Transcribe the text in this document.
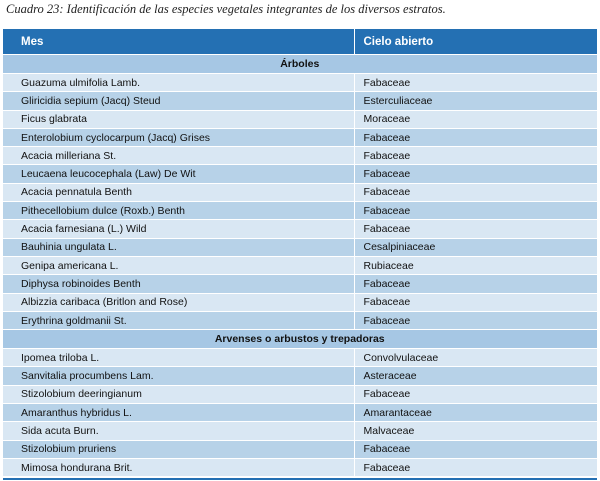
Cuadro 23: Identificación de las especies vegetales integrantes de los diversos estratos.
Mes	Cielo abierto
Árboles	
Guazuma ulmifolia Lamb.	Fabaceae
Gliricidia sepium (Jacq) Steud	Esterculiaceae
Ficus glabrata	Moraceae
Enterolobium cyclocarpum (Jacq) Grises	Fabaceae
Acacia milleriana St.	Fabaceae
Leucaena leucocephala (Law) De Wit	Fabaceae
Acacia pennatula Benth	Fabaceae
Pithecellobium dulce (Roxb.) Benth	Fabaceae
Acacia farnesiana (L.) Wild	Fabaceae
Bauhinia ungulata L.	Cesalpiniaceae
Genipa americana L.	Rubiaceae
Diphysa robinoides Benth	Fabaceae
Albizzia caribaca (Britlon and Rose)	Fabaceae
Erythrina goldmanii St.	Fabaceae
Arvenses o arbustos y trepadoras	
Ipomea triloba L.	Convolvulaceae
Sanvitalia procumbens Lam.	Asteraceae
Stizolobium deeringianum	Fabaceae
Amaranthus hybridus L.	Amarantaceae
Sida acuta Burn.	Malvaceae
Stizolobium pruriens	Fabaceae
Mimosa hondurana Brit.	Fabaceae
